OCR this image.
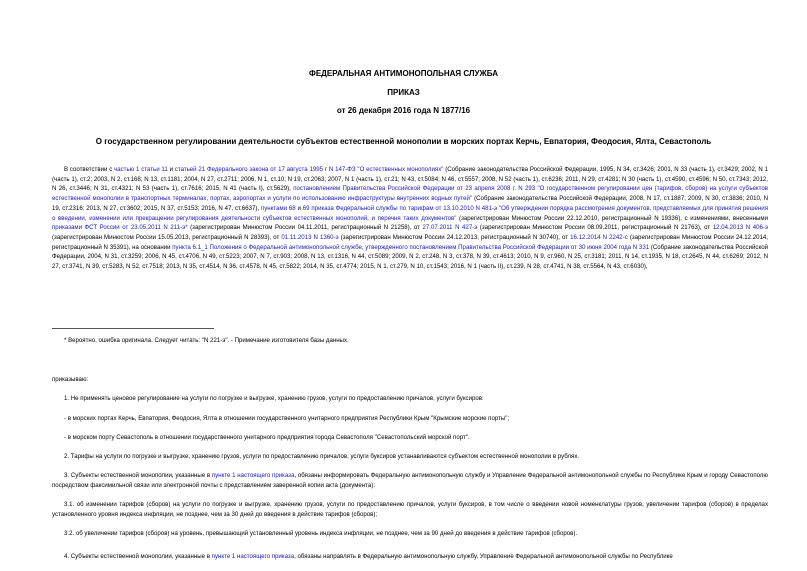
ФЕДЕРАЛЬНАЯ АНТИМОНОПОЛЬНАЯ СЛУЖБА
ПРИКАЗ
от 26 декабря 2016 года N 1877/16
О государственном регулировании деятельности субъектов естественной монополии в морских портах Керчь, Евпатория, Феодосия, Ялта, Севастополь
В соответствии с частью 1 статьи 11 и статьей 21 Федерального закона от 17 августа 1995 г N 147-ФЗ "О естественных монополиях" (Собрание законодательства Российской Федерации, 1995, N 34, ст.3426; 2001, N 33 (часть 1), ст.3429; 2002, N 1 (часть 1), ст.2; 2003, N 2, ст.168; N 13, ст.1181; 2004, N 27, ст.2711; 2006, N 1, ст.10; N 19, ст.2063; 2007, N 1 (часть 1), ст.21; N 43, ст.5084; N 46, ст.5557; 2008, N 52 (часть 1), ст.6236; 2011, N 29, ст.4281; N 30 (часть 1), ст.4590, ст.4596; N 50, ст.7343; 2012, N 26, ст.3446; N 31, ст.4321; N 53 (часть 1), ст.7616; 2015, N 41 (часть I), ст.5629), постановлением Правительства Российской Федерации от 23 апреля 2008 г. N 293 "О государственном регулировании цен (тарифов, сборов) на услуги субъектов естественной монополии в транспортных терминалах, портах, аэропортах и услуги по использованию инфраструктуры внутренних водных путей" (Собрание законодательства Российской Федерации, 2008, N 17, ст.1887; 2009, N 30, ст.3836; 2010, N 19, ст.2316; 2013, N 27, ст.3602; 2015, N 37, ст.5153; 2016, N 47, ст.6637), пунктами 68 и 69 приказа Федеральной службы по тарифам от 13.10.2010 N 481-э "Об утверждении порядка рассмотрения документов, представляемых для принятия решения о введении, изменении или прекращении регулирования деятельности субъектов естественных монополий, и перечня таких документов" (зарегистрирован Минюстом России 22.12.2010, регистрационный N 19336), с изменениями, внесенными приказами ФСТ России от 23.05.2011 N 211-э* (зарегистрирован Минюстом России 04.11.2011, регистрационный N 21258), от 27.07.2011 N 427-э (зарегистрирован Минюстом России 08.09.2011, регистрационный N 21763), от 12.04.2013 N 406-э (зарегистрирован Минюстом России 15.05.2013, регистрационный N 28393), от 01.11.2013 N 1360-э (зарегистрирован Минюстом России 24.12.2013, регистрационный N 30740), от 16.12.2014 N 2242-с (зарегистрирован Минюстом России 24.12.2014, регистрационный N 35391), на основании пункта 6.1_1 Положения о Федеральной антимонопольной службе, утвержденного постановлением Правительства Российской Федерации от 30 июня 2004 года N 331 (Собрание законодательства Российской Федерации, 2004, N 31, ст.3259; 2006, N 45, ст.4706, N 49, ст.5223; 2007, N 7, ст.903; 2008, N 13, ст.1316, N 44, ст.5089; 2009, N 2, ст.248, N 3, ст.378, N 39, ст.4613; 2010, N 9, ст.960, N 25, ст.3181; 2011, N 14, ст.1935, N 18, ст.2645, N 44, ст.6269; 2012, N 27, ст.3741, N 39, ст.5283, N 52, ст.7518; 2013, N 35, ст.4514, N 36, ст.4578, N 45, ст.5822; 2014, N 35, ст.4774; 2015, N 1, ст.279, N 10, ст.1543; 2016, N 1 (часть II), ст.239, N 28, ст.4741, N 38, ст.5564, N 43, ст.6030),
* Вероятно, ошибка оригинала. Следует читать: "N 221-э". - Примечание изготовителя базы данных.
приказываю:
1. Не применять ценовое регулирование на услуги по погрузке и выгрузке, хранению грузов, услуги по предоставлению причалов, услуги буксиров:
- в морских портах Керчь, Евпатория, Феодосия, Ялта в отношении государственного унитарного предприятия Республики Крым "Крымские морские порты";
- в морском порту Севастополь в отношении государственного унитарного предприятия города Севастополя "Севастопольский морской порт".
2. Тарифы на услуги по погрузке и выгрузке, хранению грузов, услуги по предоставлению причалов, услуги буксиров устанавливаются субъектом естественной монополии в рублях.
3. Субъекты естественной монополии, указанные в пункте 1 настоящего приказа, обязаны информировать Федеральную антимонопольную службу и Управление Федеральной антимонопольной службы по Республике Крым и городу Севастополю посредством факсимильной связи или электронной почты с представлением заверенной копии акта (документа):
3.1. об изменении тарифов (сборов) на услуги по погрузке и выгрузке, хранению грузов, услуги по предоставлению причалов, услуги буксиров, в том числе о введении новой номенклатуры грузов, увеличении тарифов (сборов) в пределах установленного уровня индекса инфляции, не позднее, чем за 30 дней до введения в действие тарифов (сборов);
3.2. об увеличении тарифов (сборов) на уровень, превышающий установленный уровень индекса инфляции, не позднее, чем за 90 дней до введения в действие тарифов (сборов).
4. Субъекты естественной монополии, указанные в пункте 1 настоящего приказа, обязаны направлять в Федеральную антимонопольную службу, Управление Федеральной антимонопольной службы по Республике
